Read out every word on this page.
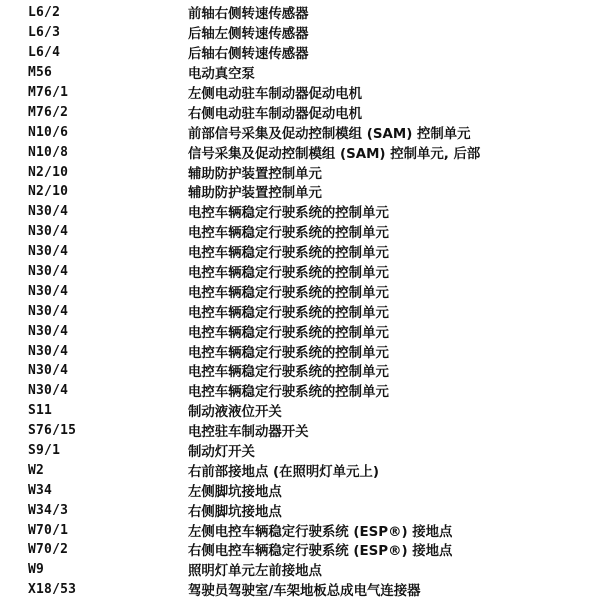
L6/2	前轴右侧转速传感器
L6/3	后轴左侧转速传感器
L6/4	后轴右侧转速传感器
M56	电动真空泵
M76/1	左侧电动驻车制动器促动电机
M76/2	右侧电动驻车制动器促动电机
N10/6	前部信号采集及促动控制模组 (SAM) 控制单元
N10/8	信号采集及促动控制模组 (SAM) 控制单元, 后部
N2/10	辅助防护装置控制单元
N2/10	辅助防护装置控制单元
N30/4	电控车辆稳定行驶系统的控制单元
N30/4	电控车辆稳定行驶系统的控制单元
N30/4	电控车辆稳定行驶系统的控制单元
N30/4	电控车辆稳定行驶系统的控制单元
N30/4	电控车辆稳定行驶系统的控制单元
N30/4	电控车辆稳定行驶系统的控制单元
N30/4	电控车辆稳定行驶系统的控制单元
N30/4	电控车辆稳定行驶系统的控制单元
N30/4	电控车辆稳定行驶系统的控制单元
N30/4	电控车辆稳定行驶系统的控制单元
S11	制动液液位开关
S76/15	电控驻车制动器开关
S9/1	制动灯开关
W2	右前部接地点 (在照明灯单元上)
W34	左侧脚坑接地点
W34/3	右侧脚坑接地点
W70/1	左侧电控车辆稳定行驶系统 (ESP®) 接地点
W70/2	右侧电控车辆稳定行驶系统 (ESP®) 接地点
W9	照明灯单元左前接地点
X18/53	驾驶员驾驶室/车架地板总成电气连接器
